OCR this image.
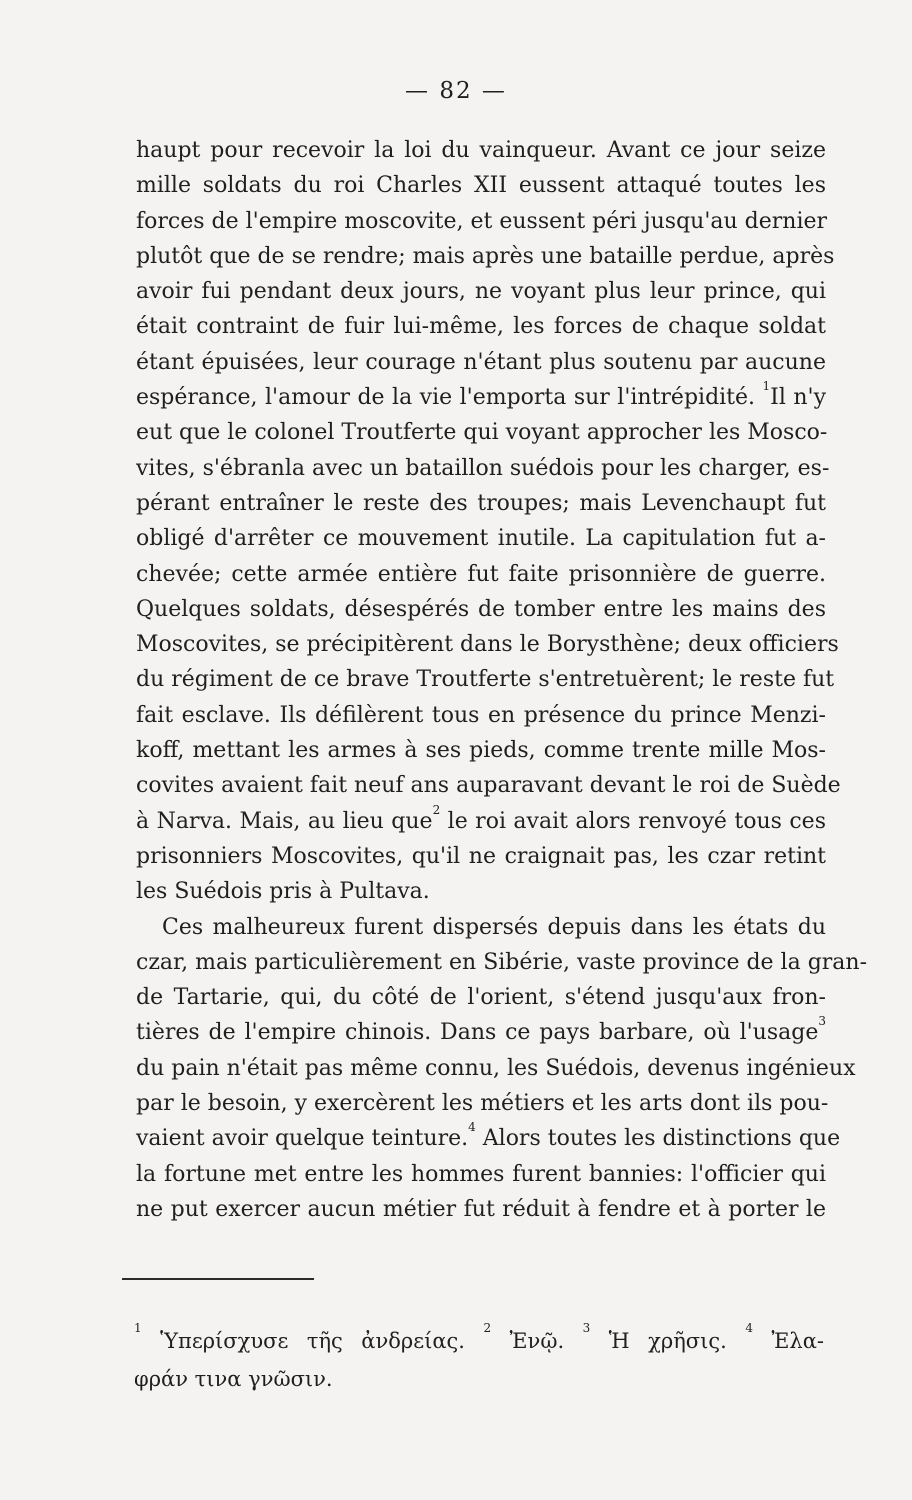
— 82 —
haupt pour recevoir la loi du vainqueur. Avant ce jour seize
mille soldats du roi Charles XII eussent attaqué toutes les
forces de l'empire moscovite, et eussent péri jusqu'au dernier
plutôt que de se rendre; mais après une bataille perdue, après
avoir fui pendant deux jours, ne voyant plus leur prince, qui
était contraint de fuir lui-même, les forces de chaque soldat
étant épuisées, leur courage n'étant plus soutenu par aucune
espérance, l'amour de la vie l'emporta sur l'intrépidité. $^1$Il n'y
eut que le colonel Troutferte qui voyant approcher les Mosco-
vites, s'ébranla avec un bataillon suédois pour les charger, es-
pérant entraîner le reste des troupes; mais Levenchaupt fut
obligé d'arrêter ce mouvement inutile. La capitulation fut a-
chevée; cette armée entière fut faite prisonnière de guerre.
Quelques soldats, désespérés de tomber entre les mains des
Moscovites, se précipitèrent dans le Borysthène; deux officiers
du régiment de ce brave Troutferte s'entretuèrent; le reste fut
fait esclave. Ils défilèrent tous en présence du prince Menzi-
koff, mettant les armes à ses pieds, comme trente mille Mos-
covites avaient fait neuf ans auparavant devant le roi de Suède
à Narva. Mais, au lieu que$^2$ le roi avait alors renvoyé tous ces
prisonniers Moscovites, qu'il ne craignait pas, les czar retint
les Suédois pris à Pultava.
Ces malheureux furent dispersés depuis dans les états du
czar, mais particulièrement en Sibérie, vaste province de la gran-
de Tartarie, qui, du côté de l'orient, s'étend jusqu'aux fron-
tières de l'empire chinois. Dans ce pays barbare, où l'usage$^3$
du pain n'était pas même connu, les Suédois, devenus ingénieux
par le besoin, y exercèrent les métiers et les arts dont ils pou-
vaient avoir quelque teinture.$^4$ Alors toutes les distinctions que
la fortune met entre les hommes furent bannies: l'officier qui
ne put exercer aucun métier fut réduit à fendre et à porter le
$^1$ Ὑπερίσχυσε τῆς ἀνδρείας. $^2$ Ἐνῷ. $^3$ Ἡ χρῆσις. $^4$ Ἐλα-
φράν τινα γνῶσιν.
